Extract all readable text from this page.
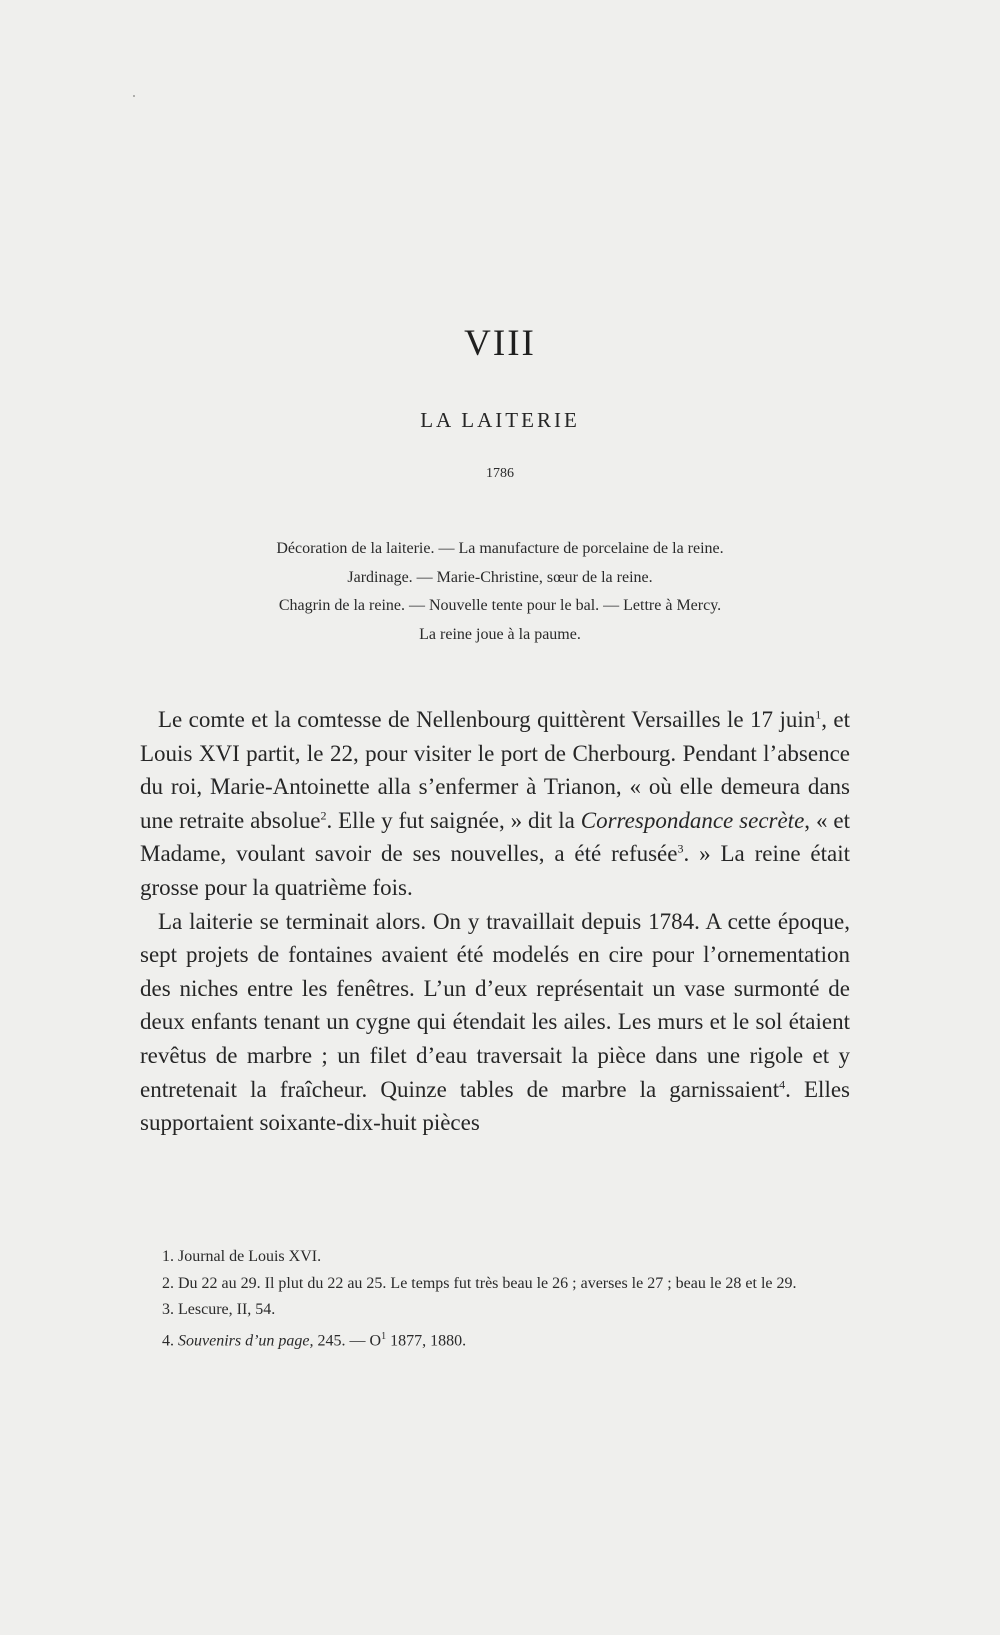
VIII
LA LAITERIE
1786
Décoration de la laiterie. — La manufacture de porcelaine de la reine.
Jardinage. — Marie-Christine, sœur de la reine.
Chagrin de la reine. — Nouvelle tente pour le bal. — Lettre à Mercy.
La reine joue à la paume.

Le comte et la comtesse de Nellenbourg quittèrent Versailles le 17 juin$^1$, et Louis XVI partit, le 22, pour visiter le port de Cherbourg. Pendant l’absence du roi, Marie-Antoinette alla s’enfermer à Trianon, « où elle demeura dans une retraite absolue$^2$. Elle y fut saignée, » dit la Correspondance secrète, « et Madame, voulant savoir de ses nouvelles, a été refusée$^3$. » La reine était grosse pour la quatrième fois.

La laiterie se terminait alors. On y travaillait depuis 1784. A cette époque, sept projets de fontaines avaient été modelés en cire pour l’ornementation des niches entre les fenêtres. L’un d’eux représentait un vase surmonté de deux enfants tenant un cygne qui étendait les ailes. Les murs et le sol étaient revêtus de marbre ; un filet d’eau traversait la pièce dans une rigole et y entretenait la fraîcheur. Quinze tables de marbre la garnissaient$^4$. Elles supportaient soixante-dix-huit pièces

1. Journal de Louis XVI.
2. Du 22 au 29. Il plut du 22 au 25. Le temps fut très beau le 26 ; averses le 27 ; beau le 28 et le 29.
3. Lescure, II, 54.
4. Souvenirs d’un page, 245. — $O^1$ 1877, 1880.
